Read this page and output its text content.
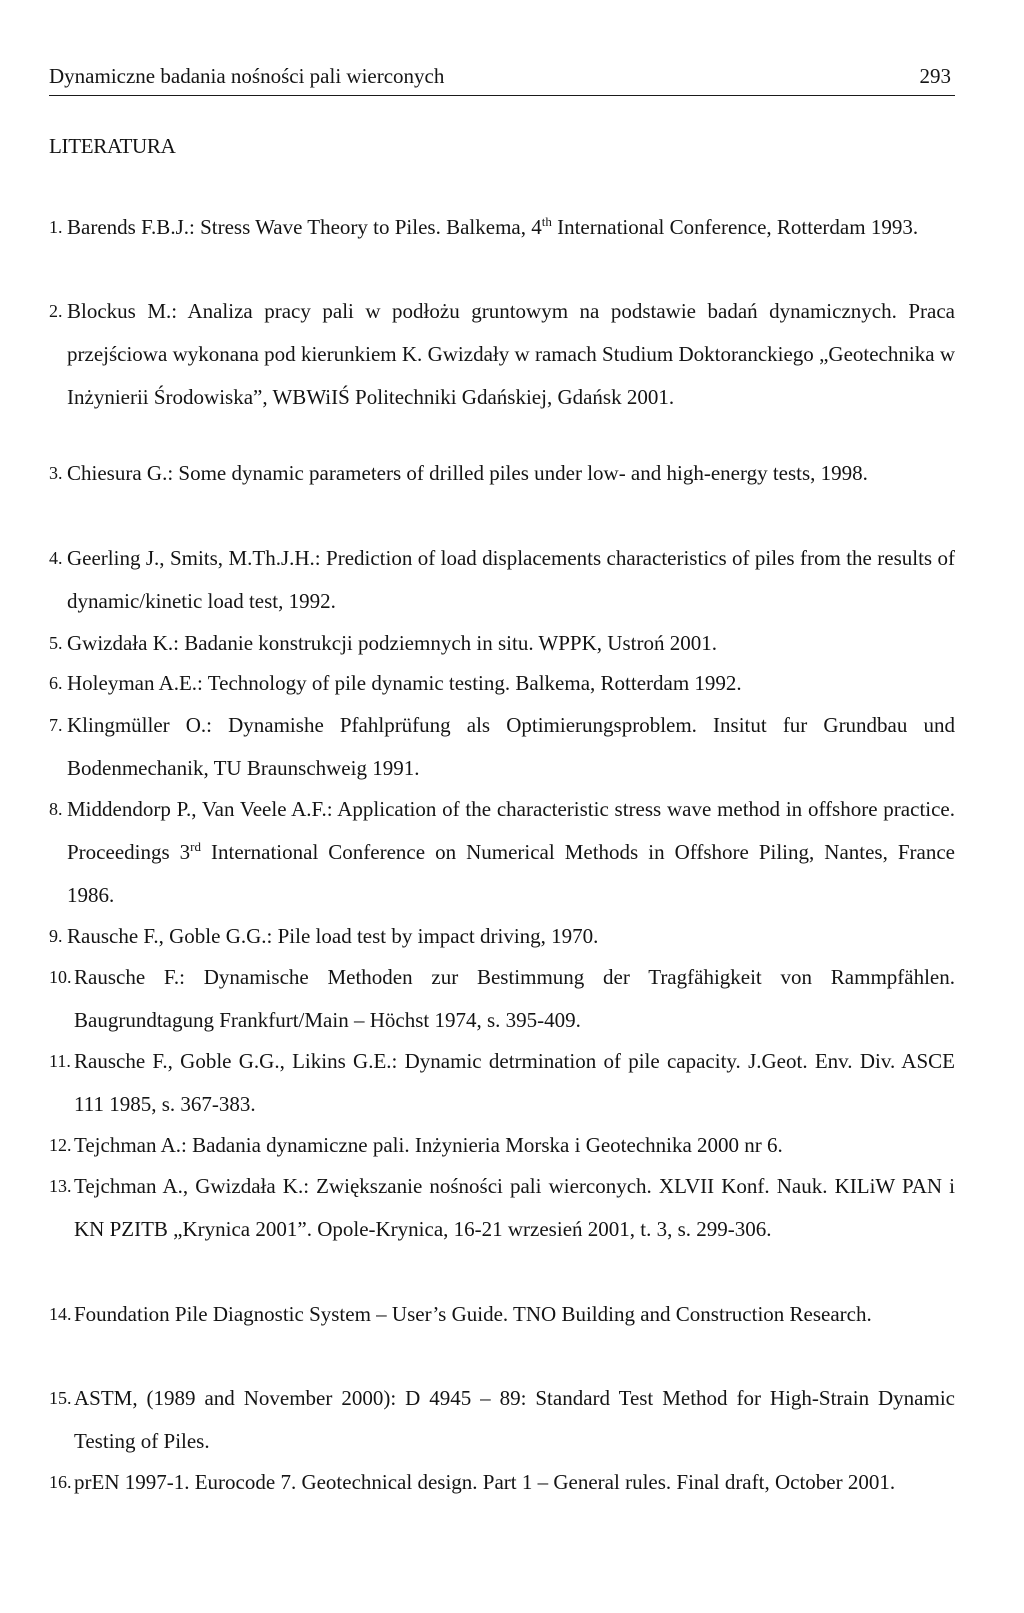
Dynamiczne badania nośności pali wierconych	293
LITERATURA
1. Barends F.B.J.: Stress Wave Theory to Piles. Balkema, 4th International Conference, Rotterdam 1993.
2. Blockus M.: Analiza pracy pali w podłożu gruntowym na podstawie badań dynamicznych. Praca przejściowa wykonana pod kierunkiem K. Gwizdały w ramach Studium Doktoranckiego „Geotechnika w Inżynierii Środowiska”, WBWiIŚ Politechniki Gdańskiej, Gdańsk 2001.
3. Chiesura G.: Some dynamic parameters of drilled piles under low- and high-energy tests, 1998.
4. Geerling J., Smits, M.Th.J.H.: Prediction of load displacements characteristics of piles from the results of dynamic/kinetic load test, 1992.
5. Gwizdała K.: Badanie konstrukcji podziemnych in situ. WPPK, Ustroń 2001.
6. Holeyman A.E.: Technology of pile dynamic testing. Balkema, Rotterdam 1992.
7. Klingmüller O.: Dynamishe Pfahlprüfung als Optimierungsproblem. Insitut fur Grundbau und Bodenmechanik, TU Braunschweig 1991.
8. Middendorp P., Van Veele A.F.: Application of the characteristic stress wave method in offshore practice. Proceedings 3rd International Conference on Numerical Methods in Offshore Piling, Nantes, France 1986.
9. Rausche F., Goble G.G.: Pile load test by impact driving, 1970.
10. Rausche F.: Dynamische Methoden zur Bestimmung der Tragfähigkeit von Rammpfählen. Baugrundtagung Frankfurt/Main – Höchst 1974, s. 395-409.
11. Rausche F., Goble G.G., Likins G.E.: Dynamic detrmination of pile capacity. J.Geot. Env. Div. ASCE 111 1985, s. 367-383.
12. Tejchman A.: Badania dynamiczne pali. Inżynieria Morska i Geotechnika 2000 nr 6.
13. Tejchman A., Gwizdała K.: Zwiększanie nośności pali wierconych. XLVII Konf. Nauk. KILiW PAN i KN PZITB „Krynica 2001”. Opole-Krynica, 16-21 wrzesień 2001, t. 3, s. 299-306.
14. Foundation Pile Diagnostic System – User’s Guide. TNO Building and Construction Research.
15. ASTM, (1989 and November 2000): D 4945 – 89: Standard Test Method for High-Strain Dynamic Testing of Piles.
16. prEN 1997-1. Eurocode 7. Geotechnical design. Part 1 – General rules. Final draft, October 2001.
